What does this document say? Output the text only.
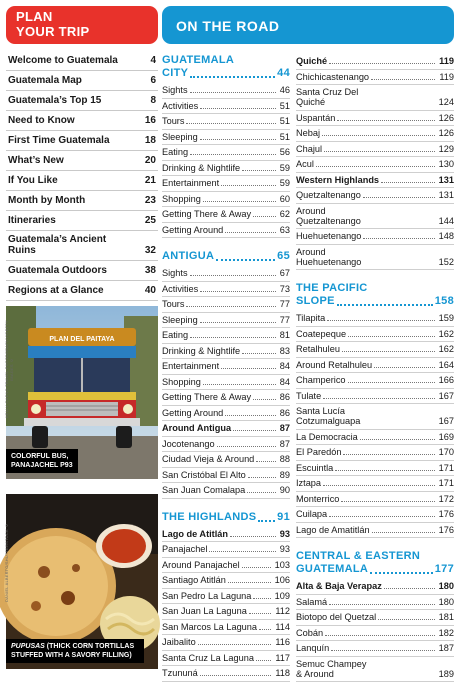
PLAN
YOUR TRIP
Welcome to Guatemala	4
Guatemala Map	6
Guatemala’s Top 15	8
Need to Know	16
First Time Guatemala	18
What’s New	20
If You Like	21
Month by Month	23
Itineraries	25
Guatemala’s Ancient Ruins	32
Guatemala Outdoors	38
Regions at a Glance	40
PLAN DEL PAITAYA
KELLY CHENG TRAVEL PHOTOGRAPHY/GETTY IMAGES ©
COLORFUL BUS,
PANAJACHEL P93
DANIEL ALBERTO/SHUTTERSTOCK ©
PUPUSAS (THICK CORN TORTILLAS STUFFED WITH A SAVORY FILLING)
ON THE ROAD
GUATEMALA
CITY	44
Sights	46
Activities	51
Tours	51
Sleeping	51
Eating	56
Drinking & Nightlife	59
Entertainment	59
Shopping	60
Getting There & Away	62
Getting Around	63
ANTIGUA	65
Sights	67
Activities	73
Tours	77
Sleeping	77
Eating	81
Drinking & Nightlife	83
Entertainment	84
Shopping	84
Getting There & Away	86
Getting Around	86
Around Antigua	87
Jocotenango	87
Ciudad Vieja & Around	88
San Cristóbal El Alto	89
San Juan Comalapa	90
THE HIGHLANDS 91
Lago de Atitlán	93
Panajachel	93
Around Panajachel	103
Santiago Atitlán	106
San Pedro La Laguna	109
San Juan La Laguna	112
San Marcos La Laguna 114
Jaibalito	116
Santa Cruz La Laguna 117
Tzununá	118
Quiché	119
Chichicastenango	119
Santa Cruz Del
Quiché	124
Uspantán	126
Nebaj	126
Chajul	129
Acul	130
Western Highlands	131
Quetzaltenango	131
Around
Quetzaltenango	144
Huehuetenango	148
Around
Huehuetenango	152
THE PACIFIC
SLOPE	158
Tilapita	159
Coatepeque	162
Retalhuleu	162
Around Retalhuleu	164
Champerico	166
Tulate	167
Santa Lucía
Cotzumalguapa	167
La Democracia	169
El Paredón	170
Escuintla	171
Iztapa	171
Monterrico	172
Cuilapa	176
Lago de Amatitlán	176
CENTRAL & EASTERN
GUATEMALA	177
Alta & Baja Verapaz	180
Salamá	180
Biotopo del Quetzal	181
Cobán	182
Lanquín	187
Semuc Champey
& Around	189
